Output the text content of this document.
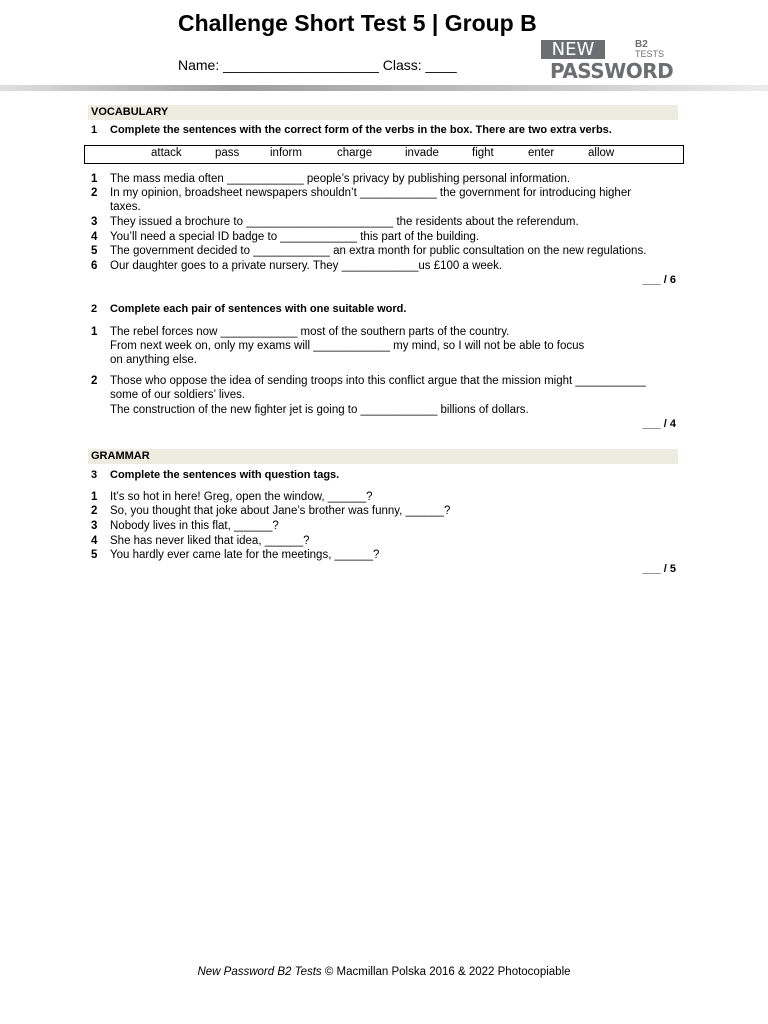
Challenge Short Test 5 | Group B
Name: ____________________ Class: ____
NEW	B2
TESTS
PASSWORD
VOCABULARY
1 Complete the sentences with the correct form of the verbs in the box. There are two extra verbs.
attack	pass	inform	charge	invade	fight	enter	allow
1 The mass media often ____________ people’s privacy by publishing personal information.
2 In my opinion, broadsheet newspapers shouldn’t ____________ the government for introducing higher
taxes.
3 They issued a brochure to _______________________ the residents about the referendum.
4 You’ll need a special ID badge to ____________ this part of the building.
5 The government decided to ____________ an extra month for public consultation on the new regulations.
6 Our daughter goes to a private nursery. They ____________us £100 a week.
___ / 6
2 Complete each pair of sentences with one suitable word.
1 The rebel forces now ____________ most of the southern parts of the country.
From next week on, only my exams will ____________ my mind, so I will not be able to focus
on anything else.
2 Those who oppose the idea of sending troops into this conflict argue that the mission might ___________
some of our soldiers’ lives.
The construction of the new fighter jet is going to ____________ billions of dollars.
___ / 4
GRAMMAR
3 Complete the sentences with question tags.
1 It’s so hot in here! Greg, open the window, ______?
2 So, you thought that joke about Jane’s brother was funny, ______?
3 Nobody lives in this flat, ______?
4 She has never liked that idea, ______?
5 You hardly ever came late for the meetings, ______?
___ / 5
New Password B2 Tests © Macmillan Polska 2016 & 2022 Photocopiable
